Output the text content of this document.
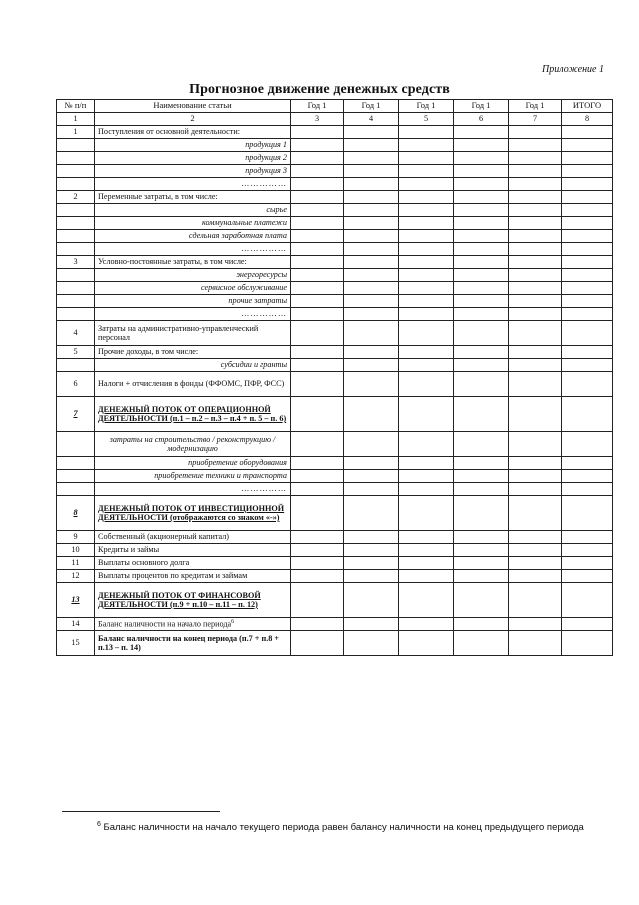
Приложение 1
Прогнозное движение денежных средств
№ п/п	Наименование статьи	Год 1	Год 1	Год 1	Год 1	Год 1	ИТОГО
1	2	3	4	5	6	7	8
1	Поступления от основной деятельности:						
	продукция 1						
	продукция 2						
	продукция 3						
	……………						
2	Переменные затраты, в том числе:						
	сырье						
	коммунальные платежи						
	сдельная заработная плата						
	……………						
3	Условно-постоянные затраты, в том числе:						
	энергоресурсы						
	сервисное обслуживание						
	прочие затраты						
	……………						
4	Затраты на административно-управленческий персонал						
5	Прочие доходы, в том числе:						
	субсидии и гранты						
6	Налоги + отчисления в фонды (ФФОМС, ПФР, ФСС)						
7	ДЕНЕЖНЫЙ ПОТОК ОТ ОПЕРАЦИОННОЙ ДЕЯТЕЛЬНОСТИ (п.1 – п.2 – п.3 – п.4 + п. 5 – п. 6)						
	затраты на строительство / реконструкцию / модернизацию						
	приобретение оборудования						
	приобретение техники и транспорта						
	……………						
8	ДЕНЕЖНЫЙ ПОТОК ОТ ИНВЕСТИЦИОННОЙ ДЕЯТЕЛЬНОСТИ (отображаются со знаком «-»)						
9	Собственный (акционерный капитал)						
10	Кредиты и займы						
11	Выплаты основного долга						
12	Выплаты процентов по кредитам и займам						
13	ДЕНЕЖНЫЙ ПОТОК ОТ ФИНАНСОВОЙ ДЕЯТЕЛЬНОСТИ (п.9 + п.10 – п.11 – п. 12)						
14	Баланс наличности на начало периода$^6$						
15	Баланс наличности на конец периода (п.7 + п.8 + п.13 – п. 14)						
$^6$ Баланс наличности на начало текущего периода равен балансу наличности на конец предыдущего периода
